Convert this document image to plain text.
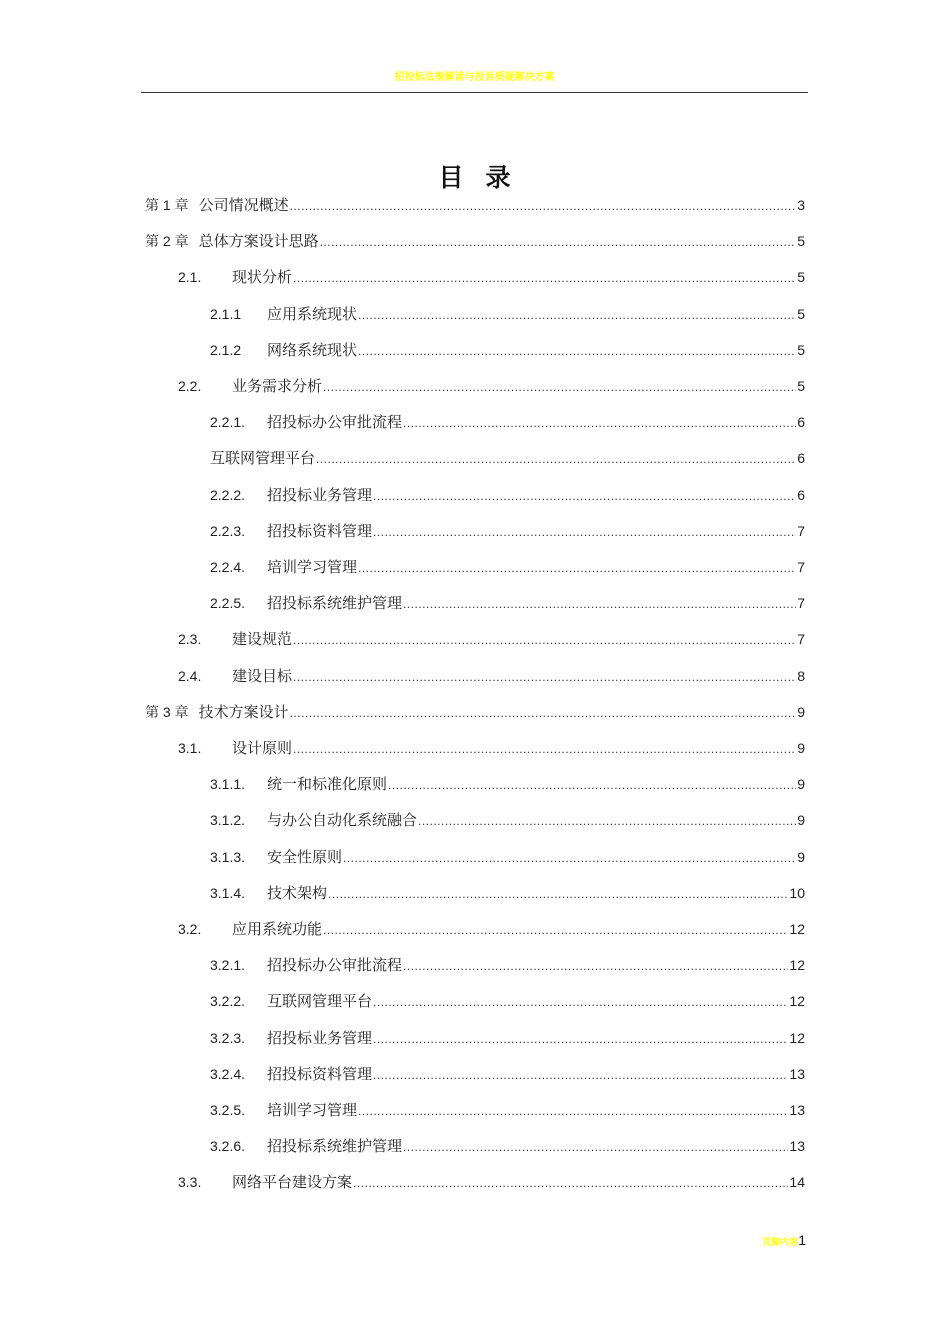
招投标法规解读与投诉质疑解决方案
目录
第 1 章 公司情况概述 .....	3
第 2 章 总体方案设计思路 .....	5
2.1.	现状分析 .....	5
2.1.1	应用系统现状 .....	5
2.1.2	网络系统现状 .....	5
2.2.	业务需求分析 .....	5
2.2.1.	招投标办公审批流程 .....	6
互联网管理平台 .....	6
2.2.2.	招投标业务管理 .....	6
2.2.3.	招投标资料管理 .....	7
2.2.4.	培训学习管理 .....	7
2.2.5.	招投标系统维护管理 .....	7
2.3.	建设规范 .....	7
2.4.	建设目标 .....	8
第 3 章 技术方案设计 .....	9
3.1.	设计原则 .....	9
3.1.1.	统一和标准化原则 .....	9
3.1.2.	与办公自动化系统融合 .....	9
3.1.3.	安全性原则 .....	9
3.1.4.	技术架构 .....	10
3.2.	应用系统功能 .....	12
3.2.1.	招投标办公审批流程 .....	12
3.2.2.	互联网管理平台 .....	12
3.2.3.	招投标业务管理 .....	12
3.2.4.	招投标资料管理 .....	13
3.2.5.	培训学习管理 .....	13
3.2.6.	招投标系统维护管理 .....	13
3.3.	网络平台建设方案 .....	14
页脚内容 1
